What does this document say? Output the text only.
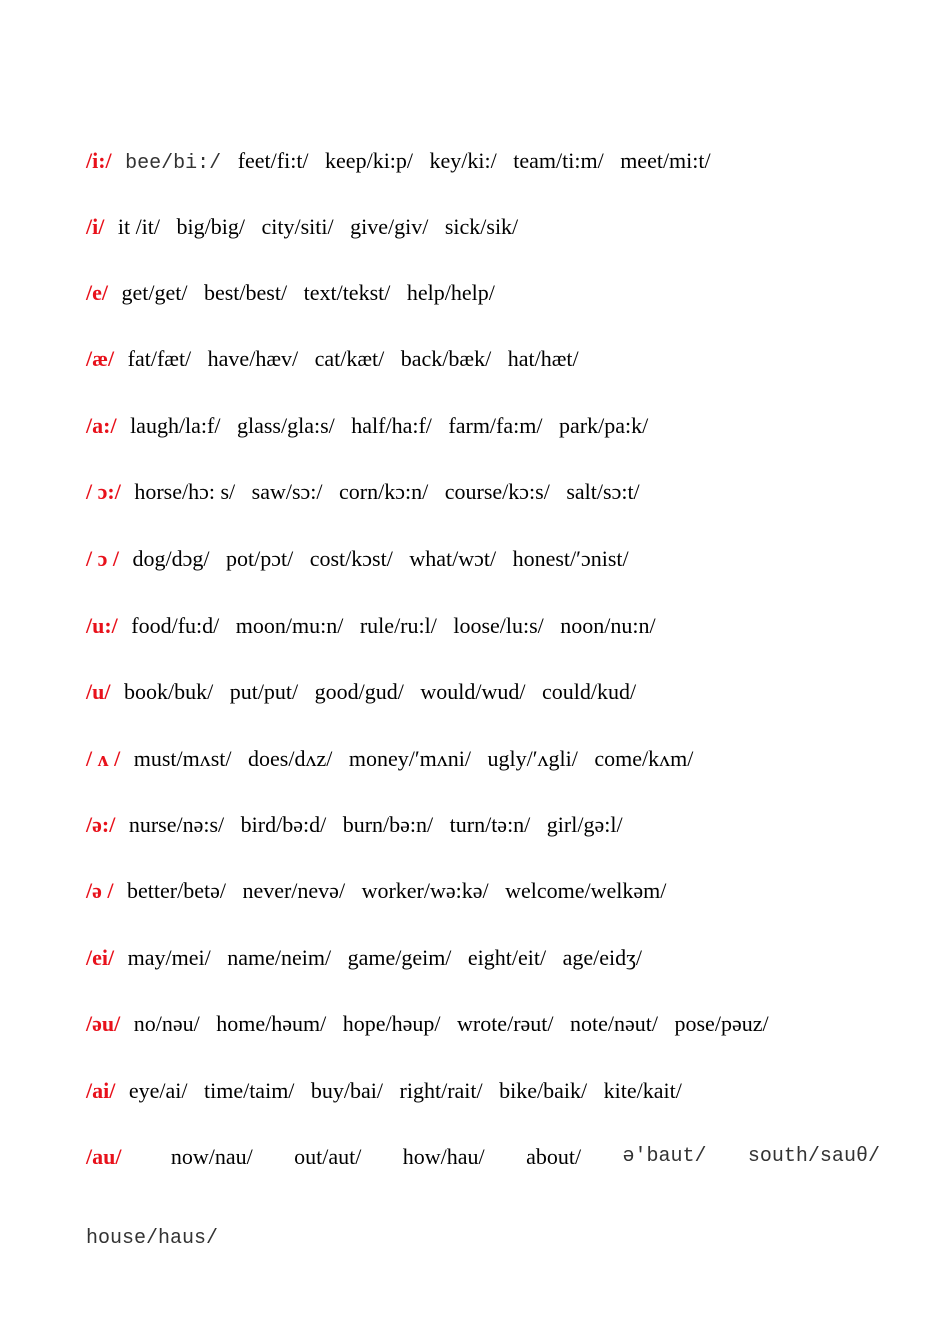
/i:/ bee/bi:/ feet/fi:t/ keep/ki:p/ key/ki:/ team/ti:m/ meet/mi:t/
/i/ it /it/ big/big/ city/siti/ give/giv/ sick/sik/
/e/ get/get/ best/best/ text/tekst/ help/help/
/æ/ fat/fæt/ have/hæv/ cat/kæt/ back/bæk/ hat/hæt/
/a:/ laugh/la:f/ glass/gla:s/ half/ha:f/ farm/fa:m/ park/pa:k/
/ ɔ:/ horse/hɔ: s/ saw/sɔ:/ corn/kɔ:n/ course/kɔ:s/ salt/sɔ:t/
/ ɔ / dog/dɔg/ pot/pɔt/ cost/kɔst/ what/wɔt/ honest/′ɔnist/
/u:/ food/fu:d/ moon/mu:n/ rule/ru:l/ loose/lu:s/ noon/nu:n/
/u/ book/buk/ put/put/ good/gud/ would/wud/ could/kud/
/ ʌ / must/mʌst/ does/dʌz/ money/′mʌni/ ugly/′ʌgli/ come/kʌm/
/ə:/ nurse/nə:s/ bird/bə:d/ burn/bə:n/ turn/tə:n/ girl/gə:l/
/ə / better/betə/ never/nevə/ worker/wə:kə/ welcome/welkəm/
/ei/ may/mei/ name/neim/ game/geim/ eight/eit/ age/eidʒ/
/əu/ no/nəu/ home/həum/ hope/həup/ wrote/rəut/ note/nəut/ pose/pəuz/
/ai/ eye/ai/ time/taim/ buy/bai/ right/rait/ bike/baik/ kite/kait/
/au/ now/nau/ out/aut/ how/hau/ about/ ə′baut/ south/sauθ/
house/haus/
